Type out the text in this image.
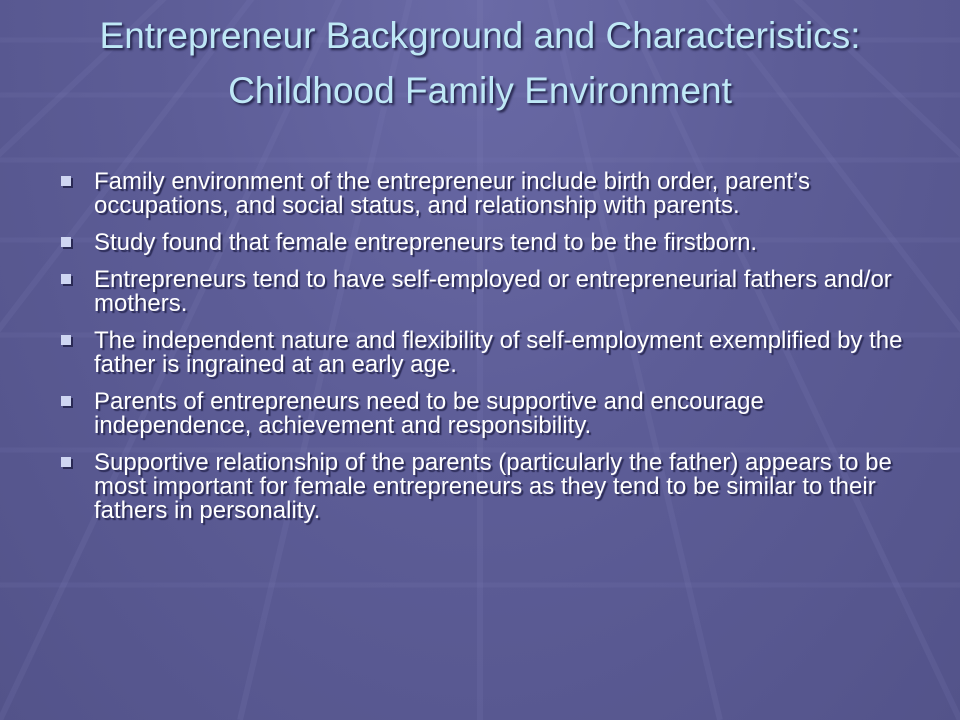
Entrepreneur Background and Characteristics: Childhood Family Environment
Family environment of the entrepreneur include birth order, parent’s occupations, and social status, and relationship with parents.
Study found that female entrepreneurs tend to be the firstborn.
Entrepreneurs tend to have self-employed or entrepreneurial fathers and/or mothers.
The independent nature and flexibility of self-employment exemplified by the father is ingrained at an early age.
Parents of entrepreneurs need to be supportive and encourage independence, achievement and responsibility.
Supportive relationship of the parents (particularly the father) appears to be most important for female entrepreneurs as they tend to be similar to their fathers in personality.
